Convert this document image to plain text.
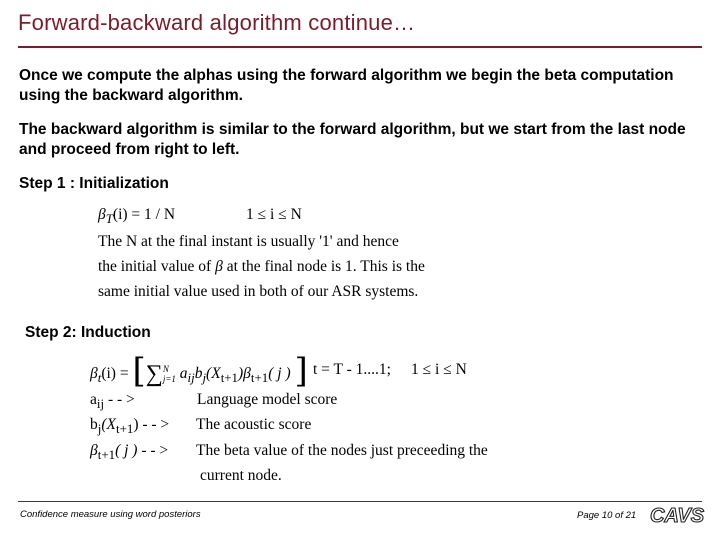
Forward-backward algorithm continue…

Once we compute the alphas using the forward algorithm we begin the beta computation using the backward algorithm.

The backward algorithm is similar to the forward algorithm, but we start from the last node and proceed from right to left.

Step 1 : Initialization

$\beta_T(i) = 1 / N$	1 ≤ i ≤ N
The N at the final instant is usually '1' and hence
the initial value of β at the final node is 1. This is the
same initial value used in both of our ASR systems.

Step 2: Induction

$\beta_t(i) = [\sum N$
j=1 $a_{ij}b_j(X_{t+1})\beta_{t+1}$( j ) ] t = T - 1....1; 1 ≤ i ≤ N
$a_{ij}$ - - >	Language model score
$b_j(X_{t+1})$ - - > The acoustic score
$\beta_{t+1}$( j ) - - > The beta value of the nodes just preceeding the
current node.
Confidence measure using word posteriors	Page 10 of 21 CAVS
